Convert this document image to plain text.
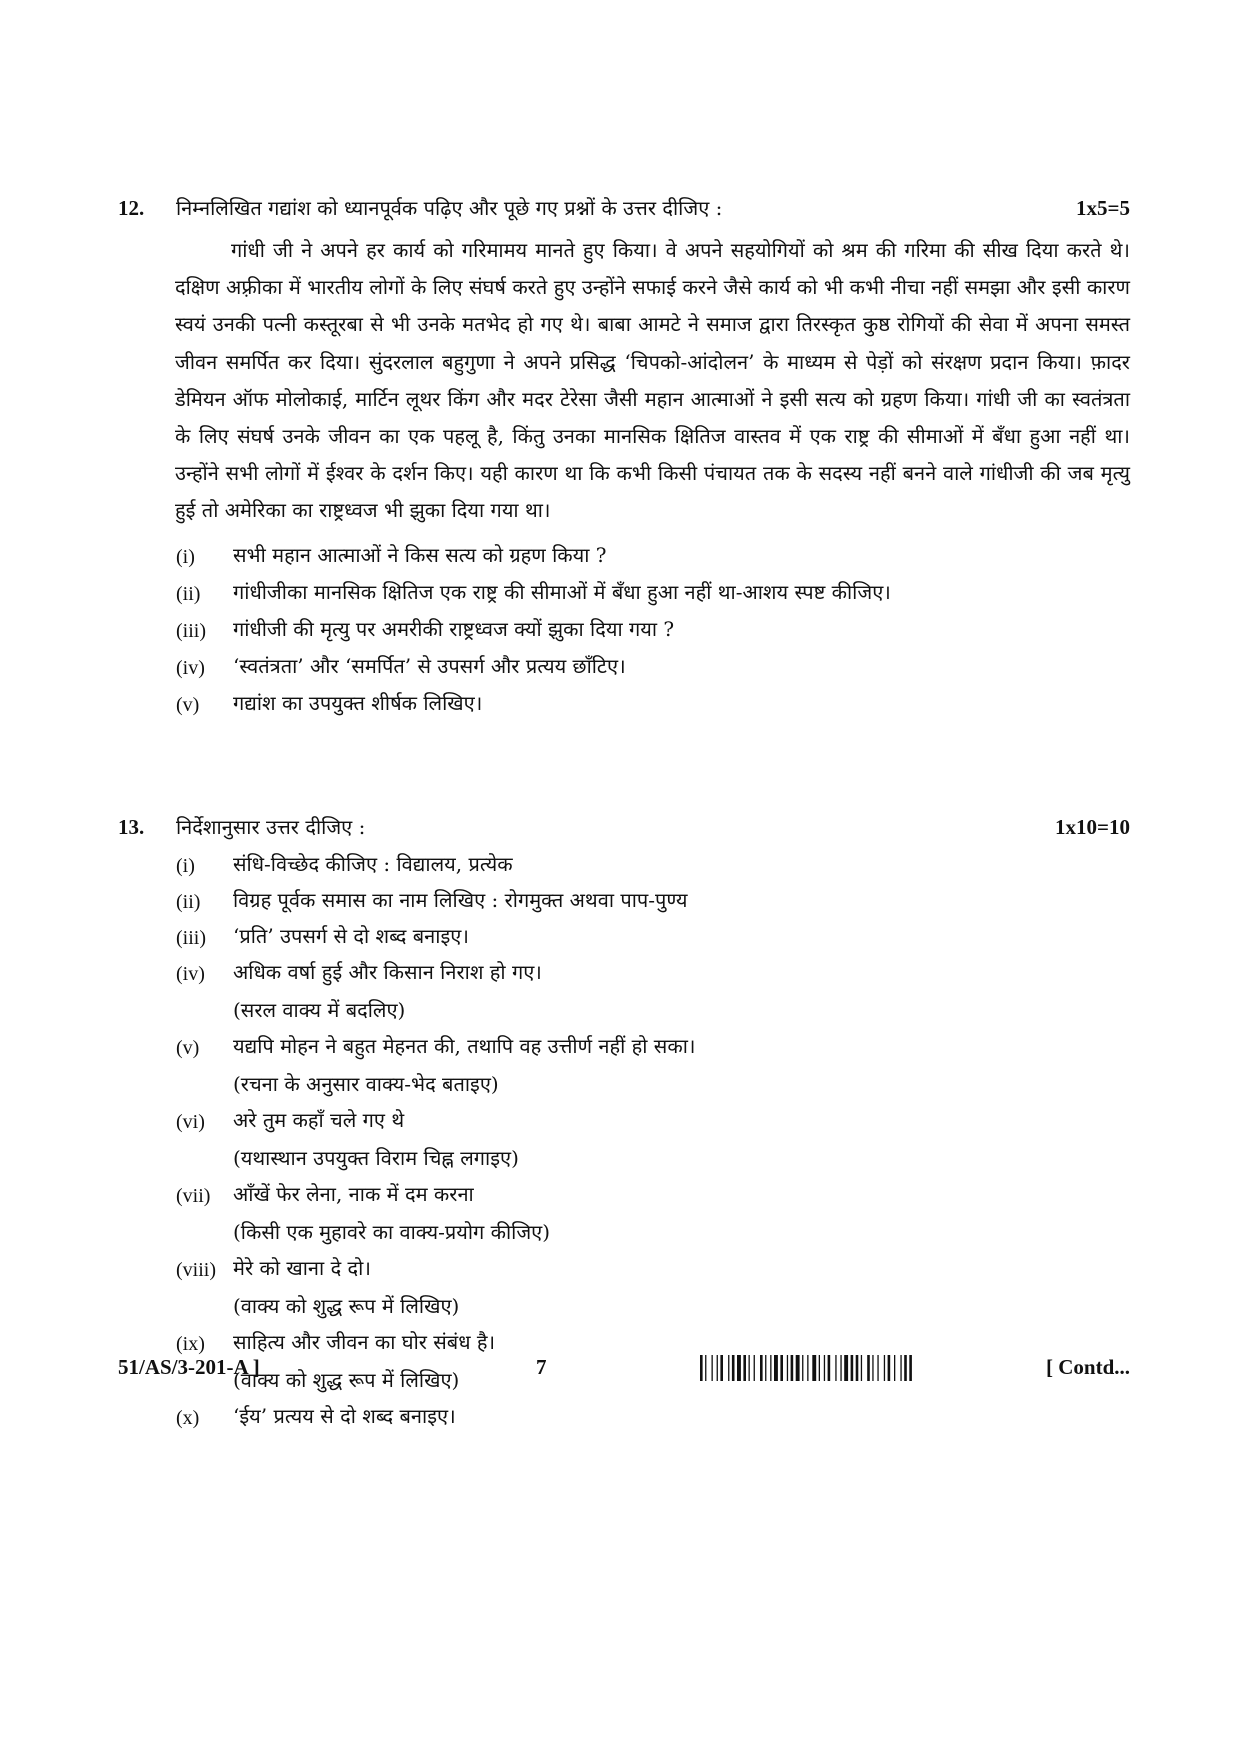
12. निम्नलिखित गद्यांश को ध्यानपूर्वक पढ़िए और पूछे गए प्रश्नों के उत्तर दीजिए :	1x5=5
गांधी जी ने अपने हर कार्य को गरिमामय मानते हुए किया। वे अपने सहयोगियों को श्रम की गरिमा की सीख दिया करते थे। दक्षिण अफ़्रीका में भारतीय लोगों के लिए संघर्ष करते हुए उन्होंने सफाई करने जैसे कार्य को भी कभी नीचा नहीं समझा और इसी कारण स्वयं उनकी पत्नी कस्तूरबा से भी उनके मतभेद हो गए थे। बाबा आमटे ने समाज द्वारा तिरस्कृत कुष्ठ रोगियों की सेवा में अपना समस्त जीवन समर्पित कर दिया। सुंदरलाल बहुगुणा ने अपने प्रसिद्ध ‘चिपको-आंदोलन’ के माध्यम से पेड़ों को संरक्षण प्रदान किया। फ़ादर डेमियन ऑफ मोलोकाई, मार्टिन लूथर किंग और मदर टेरेसा जैसी महान आत्माओं ने इसी सत्य को ग्रहण किया। गांधी जी का स्वतंत्रता के लिए संघर्ष उनके जीवन का एक पहलू है, किंतु उनका मानसिक क्षितिज वास्तव में एक राष्ट्र की सीमाओं में बँधा हुआ नहीं था। उन्होंने सभी लोगों में ईश्वर के दर्शन किए। यही कारण था कि कभी किसी पंचायत तक के सदस्य नहीं बनने वाले गांधीजी की जब मृत्यु हुई तो अमेरिका का राष्ट्रध्वज भी झुका दिया गया था।
(i) सभी महान आत्माओं ने किस सत्य को ग्रहण किया ?
(ii) गांधीजीका मानसिक क्षितिज एक राष्ट्र की सीमाओं में बँधा हुआ नहीं था-आशय स्पष्ट कीजिए।
(iii) गांधीजी की मृत्यु पर अमरीकी राष्ट्रध्वज क्यों झुका दिया गया ?
(iv) ‘स्वतंत्रता’ और ‘समर्पित’ से उपसर्ग और प्रत्यय छाँटिए।
(v) गद्यांश का उपयुक्त शीर्षक लिखिए।
13. निर्देशानुसार उत्तर दीजिए :	1x10=10
(i) संधि-विच्छेद कीजिए : विद्यालय, प्रत्येक
(ii) विग्रह पूर्वक समास का नाम लिखिए : रोगमुक्त अथवा पाप-पुण्य
(iii) ‘प्रति’ उपसर्ग से दो शब्द बनाइए।
(iv) अधिक वर्षा हुई और किसान निराश हो गए।
(सरल वाक्य में बदलिए)
(v) यद्यपि मोहन ने बहुत मेहनत की, तथापि वह उत्तीर्ण नहीं हो सका।
(रचना के अनुसार वाक्य-भेद बताइए)
(vi) अरे तुम कहाँ चले गए थे
(यथास्थान उपयुक्त विराम चिह्न लगाइए)
(vii) आँखें फेर लेना, नाक में दम करना
(किसी एक मुहावरे का वाक्य-प्रयोग कीजिए)
(viii) मेरे को खाना दे दो।
(वाक्य को शुद्ध रूप में लिखिए)
(ix) साहित्य और जीवन का घोर संबंध है।
(वाक्य को शुद्ध रूप में लिखिए)
(x) ‘ईय’ प्रत्यय से दो शब्द बनाइए।
51/AS/3-201-A ]	7	[ Contd...
